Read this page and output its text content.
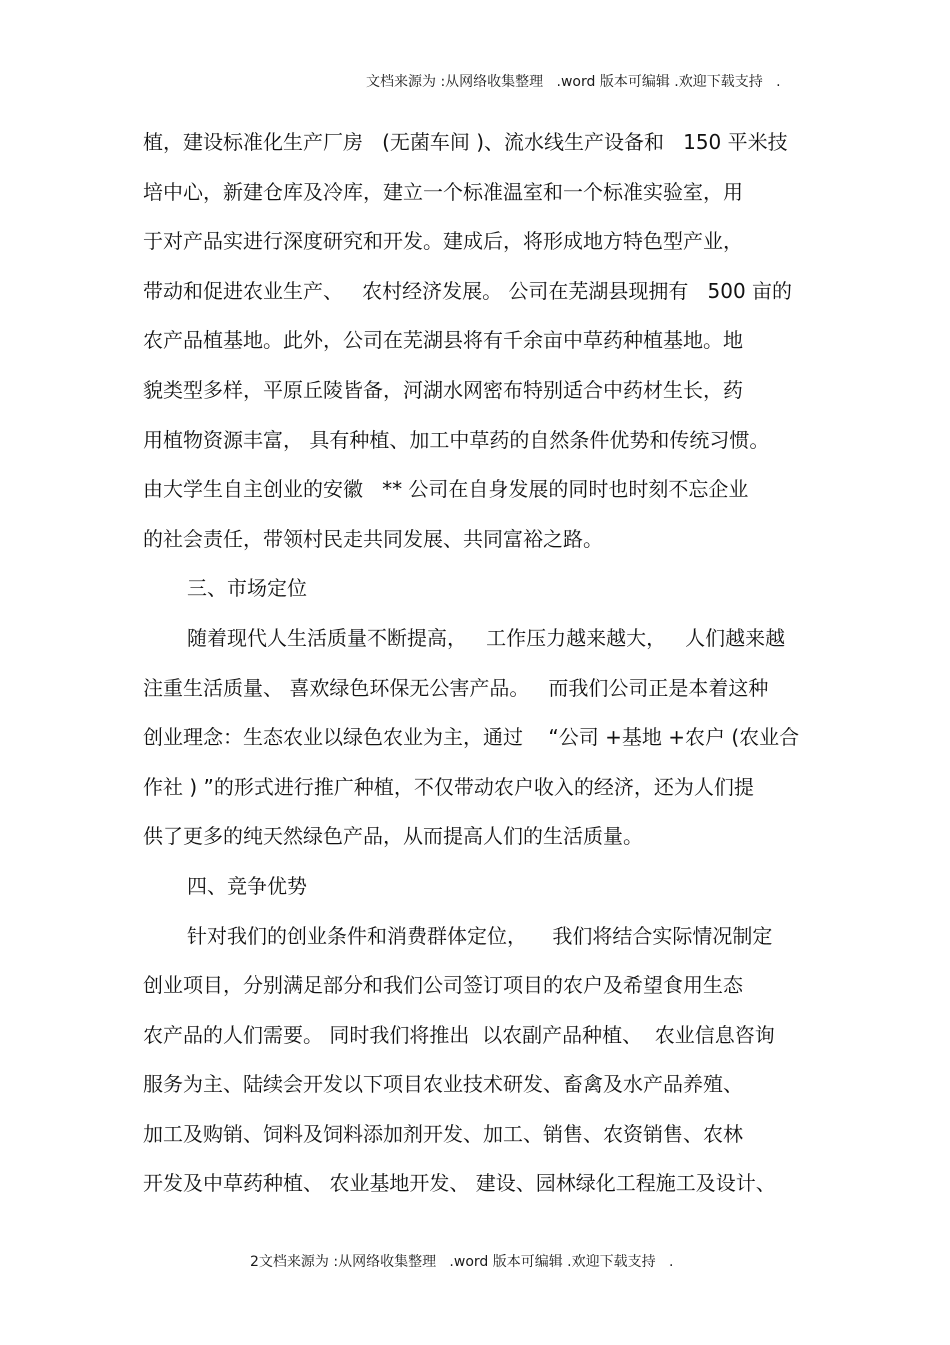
文档来源为 :从网络收集整理   .word 版本可编辑 .欢迎下载支持   .
植，建设标准化生产厂房   (无菌车间 )、流水线生产设备和   150 平米技
培中心，新建仓库及冷库，建立一个标准温室和一个标准实验室，用
于对产品实进行深度研究和开发。建成后，将形成地方特色型产业，
带动和促进农业生产、   农村经济发展。 公司在芜湖县现拥有   500 亩的
农产品植基地。此外，公司在芜湖县将有千余亩中草药种植基地。地
貌类型多样，平原丘陵皆备，河湖水网密布特别适合中药材生长，药
用植物资源丰富， 具有种植、加工中草药的自然条件优势和传统习惯。
由大学生自主创业的安徽   ** 公司在自身发展的同时也时刻不忘企业
的社会责任，带领村民走共同发展、共同富裕之路。
三、市场定位
随着现代人生活质量不断提高，   工作压力越来越大，   人们越来越
注重生活质量、 喜欢绿色环保无公害产品。   而我们公司正是本着这种
创业理念：生态农业以绿色农业为主，通过    “公司 +基地 +农户 (农业合
作社 ) ”的形式进行推广种植，不仅带动农户收入的经济，还为人们提
供了更多的纯天然绿色产品，从而提高人们的生活质量。
四、竞争优势
针对我们的创业条件和消费群体定位，    我们将结合实际情况制定
创业项目，分别满足部分和我们公司签订项目的农户及希望食用生态
农产品的人们需要。 同时我们将推出  以农副产品种植、  农业信息咨询
服务为主、陆续会开发以下项目农业技术研发、畜禽及水产品养殖、
加工及购销、饲料及饲料添加剂开发、加工、销售、农资销售、农林
开发及中草药种植、 农业基地开发、 建设、园林绿化工程施工及设计、
2文档来源为 :从网络收集整理   .word 版本可编辑 .欢迎下载支持   .
